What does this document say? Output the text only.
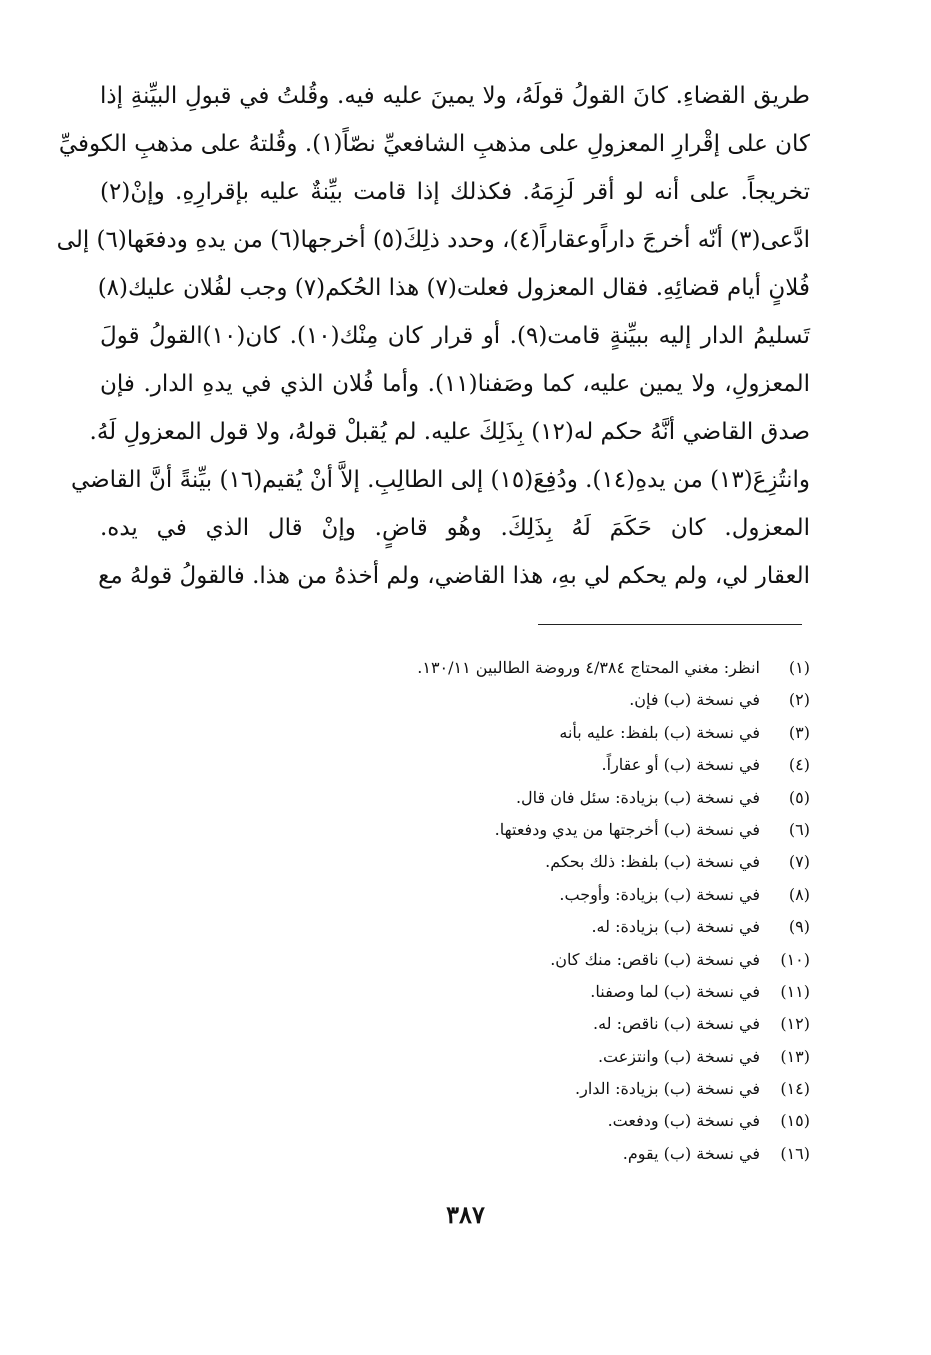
طريق القضاءِ. كانَ القولُ قولَهُ، ولا يمينَ عليه فيه. وقُلتُ في قبولِ البيِّنةِ إذا
كان على إقْرارِ المعزولِ على مذهبِ الشافعيِّ نصّاً(١). وقُلتهُ على مذهبِ الكوفيِّ
تخريجاً. على أنه لو أقر لَزِمَهُ. فكذلك إذا قامت بيِّنةٌ عليه بإقرارِهِ. وإنْ(٢)
ادَّعى(٣) أنّه أخرجَ داراًوعقاراً(٤)، وحدد ذلِكَ(٥) أخرجها(٦) من يدهِ ودفعَها(٦) إلى
فُلانٍ أيام قضائِهِ. فقال المعزول فعلت(٧) هذا الحُكم(٧) وجب لفُلان عليك(٨)
تَسليمُ الدار إليه ببيِّنةٍ قامت(٩). أو قرار كان مِنْك(١٠). كان(١٠)القولُ قولَ
المعزولِ، ولا يمين عليه، كما وصَفنا(١١). وأما فُلان الذي في يدهِ الدار. فإن
صدق القاضي أنَّهُ حكم له(١٢) بِذَلِكَ عليه. لم يُقبلْ قولهُ، ولا قول المعزولِ لَهُ.
وانتُزِعَ(١٣) من يدهِ(١٤). ودُفِعَ(١٥) إلى الطالِبِ. إلاَّ أنْ يُقيم(١٦) بيِّنةً أنَّ القاضي
المعزول. كان حَكَمَ لَهُ بِذَلِكَ. وهُو قاضٍ. وإنْ قال الذي في يده.
العقار لي، ولم يحكم لي بهِ، هذا القاضي، ولم أخذهُ من هذا. فالقولُ قولهُ مع
(١)انظر: مغني المحتاج ٤/٣٨٤ وروضة الطالبين ١٣٠/١١.
(٢)في نسخة (ب) فإن.
(٣)في نسخة (ب) بلفظ: عليه بأنه
(٤)في نسخة (ب) أو عقاراً.
(٥)في نسخة (ب) بزيادة: سئل فان قال.
(٦)في نسخة (ب) أخرجتها من يدي ودفعتها.
(٧)في نسخة (ب) بلفظ: ذلك بحكم.
(٨)في نسخة (ب) بزيادة: وأوجب.
(٩)في نسخة (ب) بزيادة: له.
(١٠)في نسخة (ب) ناقص: منك كان.
(١١)في نسخة (ب) لما وصفنا.
(١٢)في نسخة (ب) ناقص: له.
(١٣)في نسخة (ب) وانتزعت.
(١٤)في نسخة (ب) بزيادة: الدار.
(١٥)في نسخة (ب) ودفعت.
(١٦)في نسخة (ب) يقوم.
٣٨٧
